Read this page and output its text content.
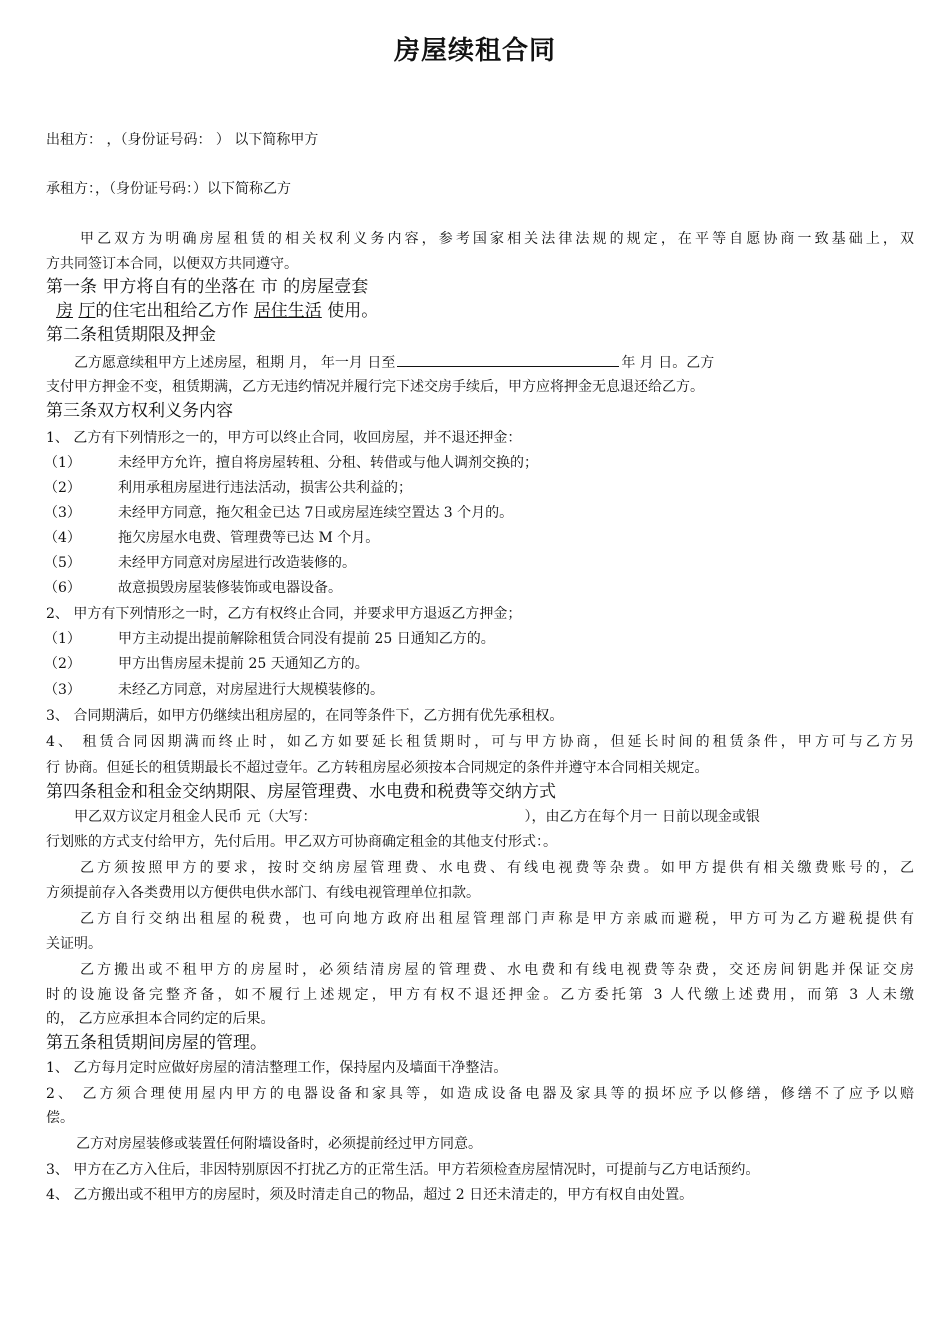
房屋续租合同
出租方： ，（身份证号码： ） 以下简称甲方
承租方：，（身份证号码：）以下简称乙方
甲乙双方为明确房屋租赁的相关权利义务内容，参考国家相关法律法规的规定，在平等自愿协商一致基础上，双
方共同签订本合同，以便双方共同遵守。
第一条 甲方将自有的坐落在 市 的房屋壹套
房 厅的住宅出租给乙方作 居住生活 使用。
第二条租赁期限及押金
乙方愿意续租甲方上述房屋，租期 月， 年一月 日至	年 月 日。乙方
支付甲方押金不变，租赁期满，乙方无违约情况并履行完下述交房手续后，甲方应将押金无息退还给乙方。
第三条双方权利义务内容
1、 乙方有下列情形之一的，甲方可以终止合同，收回房屋，并不退还押金：
（1）	未经甲方允许，擅自将房屋转租、分租、转借或与他人调剂交换的；
（2）	利用承租房屋进行违法活动，损害公共利益的；
（3）	未经甲方同意，拖欠租金已达 7日或房屋连续空置达 3 个月的。
（4）	拖欠房屋水电费、管理费等已达 M 个月。
（5）	未经甲方同意对房屋进行改造装修的。
（6）	故意损毁房屋装修装饰或电器设备。
2、 甲方有下列情形之一时，乙方有权终止合同，并要求甲方退返乙方押金；
（1）	甲方主动提出提前解除租赁合同没有提前 25 日通知乙方的。
（2）	甲方出售房屋未提前 25 天通知乙方的。
（3）	未经乙方同意，对房屋进行大规模装修的。
3、 合同期满后，如甲方仍继续出租房屋的，在同等条件下，乙方拥有优先承租权。
4、 租赁合同因期满而终止时，如乙方如要延长租赁期时，可与甲方协商，但延长时间的租赁条件，甲方可与乙方另
行 协商。但延长的租赁期最长不超过壹年。乙方转租房屋必须按本合同规定的条件并遵守本合同相关规定。
第四条租金和租金交纳期限、房屋管理费、水电费和税费等交纳方式
甲乙双方议定月租金人民币 元（大写：	），由乙方在每个月一 日前以现金或银
行划账的方式支付给甲方，先付后用。甲乙双方可协商确定租金的其他支付形式：。
乙方须按照甲方的要求，按时交纳房屋管理费、水电费、有线电视费等杂费。如甲方提供有相关缴费账号的，乙
方须提前存入各类费用以方便供电供水部门、有线电视管理单位扣款。
乙方自行交纳出租屋的税费，也可向地方政府出租屋管理部门声称是甲方亲戚而避税，甲方可为乙方避税提供有
关证明。
乙方搬出或不租甲方的房屋时，必须结清房屋的管理费、水电费和有线电视费等杂费，交还房间钥匙并保证交房
时的设施设备完整齐备，如不履行上述规定，甲方有权不退还押金。乙方委托第 3 人代缴上述费用，而第 3 人未缴
的， 乙方应承担本合同约定的后果。
第五条租赁期间房屋的管理。
1、 乙方每月定时应做好房屋的清洁整理工作，保持屋内及墙面干净整洁。
2、 乙方须合理使用屋内甲方的电器设备和家具等，如造成设备电器及家具等的损坏应予以修缮，修缮不了应予以赔
偿。
乙方对房屋装修或装置任何附墙设备时，必须提前经过甲方同意。
3、 甲方在乙方入住后，非因特别原因不打扰乙方的正常生活。甲方若须检查房屋情况时，可提前与乙方电话预约。
4、 乙方搬出或不租甲方的房屋时，须及时清走自己的物品，超过 2 日还未清走的，甲方有权自由处置。
